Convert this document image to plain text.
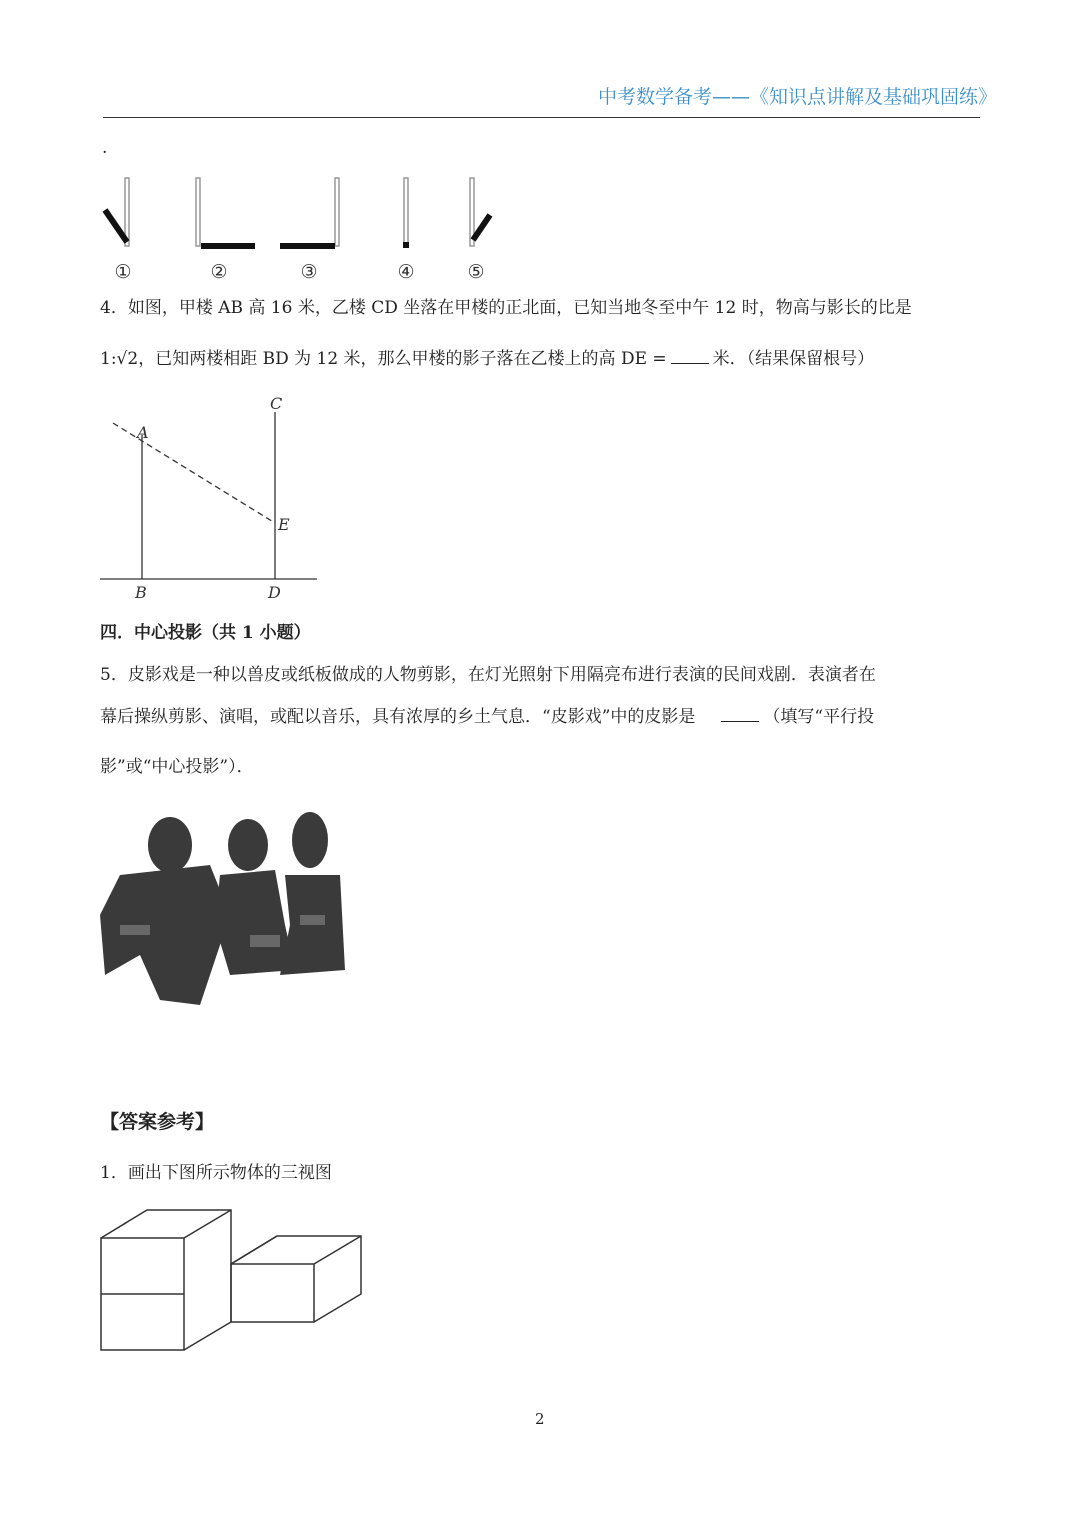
中考数学备考——《知识点讲解及基础巩固练》
.
①	②	③	④	⑤
4．如图，甲楼 AB 高 16 米，乙楼 CD 坐落在甲楼的正北面，已知当地冬至中午 12 时，物高与影长的比是
1:√2，已知两楼相距 BD 为 12 米，那么甲楼的影子落在乙楼上的高 DE =	米．（结果保留根号）
A
B
C
D
E
四．中心投影（共 1 小题）
5．皮影戏是一种以兽皮或纸板做成的人物剪影，在灯光照射下用隔亮布进行表演的民间戏剧．表演者在
幕后操纵剪影、演唱，或配以音乐，具有浓厚的乡土气息．“皮影戏”中的皮影是	（填写“平行投
影”或“中心投影”）．
【答案参考】
1．画出下图所示物体的三视图
2
